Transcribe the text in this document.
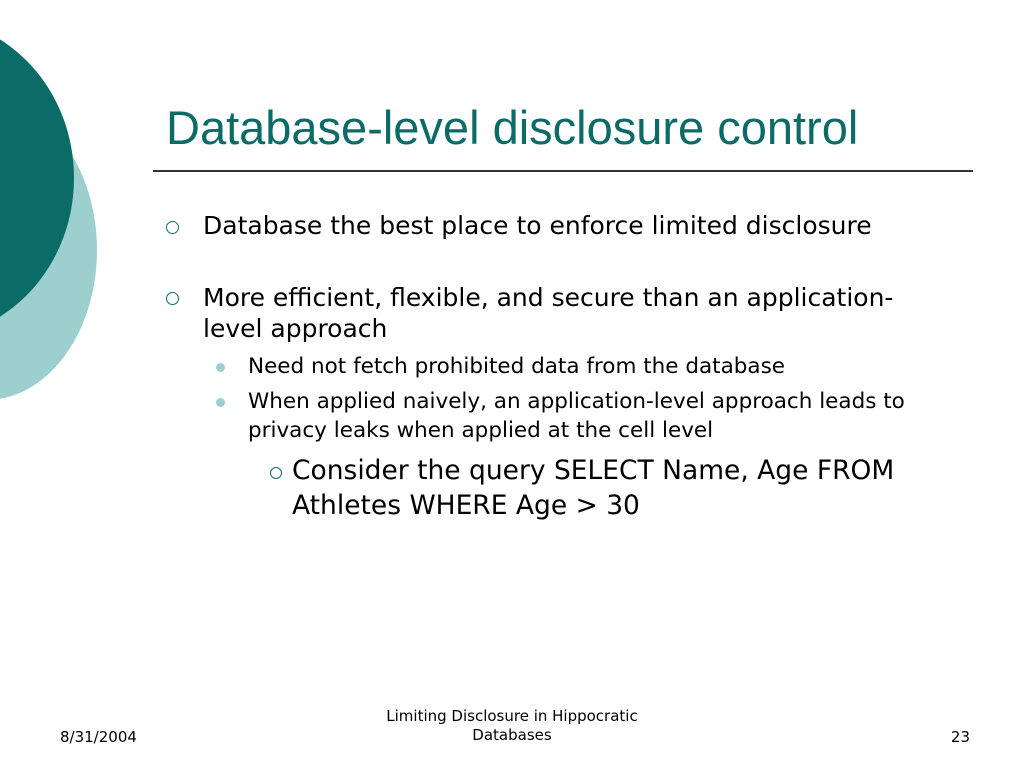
Database-level disclosure control

Database the best place to enforce limited disclosure

More efficient, flexible, and secure than an application-level approach

Need not fetch prohibited data from the database

When applied naively, an application-level approach leads to privacy leaks when applied at the cell level

Consider the query SELECT Name, Age FROM Athletes WHERE Age > 30

8/31/2004
Limiting Disclosure in Hippocratic Databases	23
